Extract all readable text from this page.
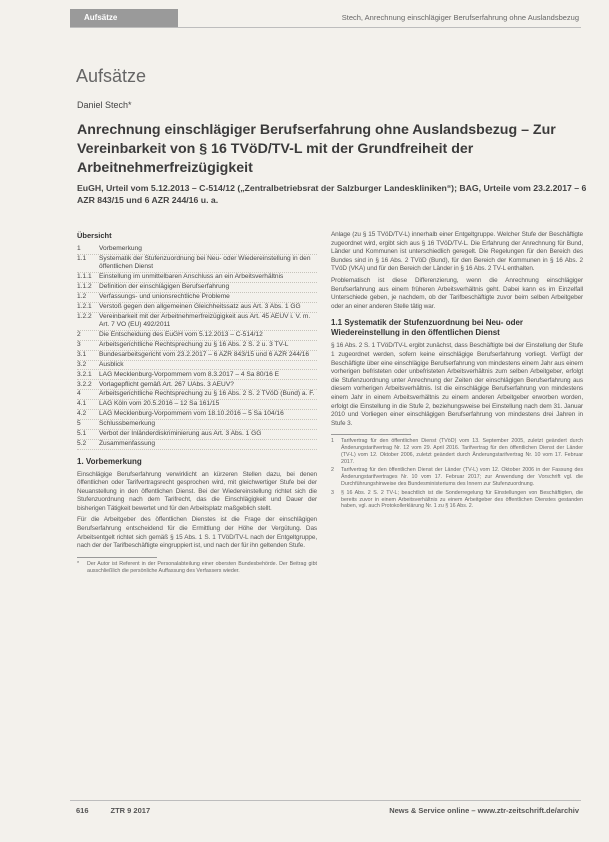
Aufsätze	Stech, Anrechnung einschlägiger Berufserfahrung ohne Auslandsbezug
Aufsätze
Daniel Stech*
Anrechnung einschlägiger Berufserfahrung ohne Auslandsbezug – Zur Vereinbarkeit von § 16 TVöD/TV-L mit der Grundfreiheit der Arbeitnehmerfreizügigkeit
EuGH, Urteil vom 5.12.2013 – C-514/12 („Zentralbetriebsrat der Salzburger Landeskliniken“); BAG, Urteile vom 23.2.2017 – 6 AZR 843/15 und 6 AZR 244/16 u. a.
Übersicht
1	Vorbemerkung
1.1	Systematik der Stufenzuordnung bei Neu- oder Wiedereinstellung in den öffentlichen Dienst
1.1.1	Einstellung im unmittelbaren Anschluss an ein Arbeitsverhältnis
1.1.2	Definition der einschlägigen Berufserfahrung
1.2	Verfassungs- und unionsrechtliche Probleme
1.2.1	Verstoß gegen den allgemeinen Gleichheitssatz aus Art. 3 Abs. 1 GG
1.2.2	Vereinbarkeit mit der Arbeitnehmerfreizügigkeit aus Art. 45 AEUV i. V. m. Art. 7 VO (EU) 492/2011
2	Die Entscheidung des EuGH vom 5.12.2013 – C-514/12
3	Arbeitsgerichtliche Rechtsprechung zu § 16 Abs. 2 S. 2 u. 3 TV-L
3.1	Bundesarbeitsgericht vom 23.2.2017 – 6 AZR 843/15 und 6 AZR 244/16
3.2	Ausblick
3.2.1	LAG Mecklenburg-Vorpommern vom 8.3.2017 – 4 Sa 80/16 E
3.2.2	Vorlagepflicht gemäß Art. 267 UAbs. 3 AEUV?
4	Arbeitsgerichtliche Rechtsprechung zu § 16 Abs. 2 S. 2 TVöD (Bund) a. F.
4.1	LAG Köln vom 20.5.2016 – 12 Sa 161/15
4.2	LAG Mecklenburg-Vorpommern vom 18.10.2016 – 5 Sa 104/16
5	Schlussbemerkung
5.1	Verbot der Inländerdiskriminierung aus Art. 3 Abs. 1 GG
5.2	Zusammenfassung
1. Vorbemerkung

Einschlägige Berufserfahrung verwirklicht an kürzeren Stellen dazu, bei denen öffentlichen oder Tarifvertragsrecht gesprochen wird, mit gleichwertiger Stufe bei der Neuanstellung in den öffentlichen Dienst. Bei der Wiedereinstellung richtet sich die Stufenzuordnung nach dem Tarifrecht, das die Einschlägigkeit und Dauer der bisherigen Tätigkeit bewertet und für den Arbeitsplatz maßgeblich stellt.

Für die Arbeitgeber des öffentlichen Dienstes ist die Frage der einschlägigen Berufserfahrung entscheidend für die Ermittlung der Höhe der Vergütung. Das Arbeitsentgelt richtet sich gemäß § 15 Abs. 1 S. 1 TVöD/TV-L nach der Entgeltgruppe, nach der der Tarifbeschäftigte eingruppiert ist, und nach der für ihn geltenden Stufe.

*	Der Autor ist Referent in der Personalabteilung einer obersten Bundesbehörde. Der Beitrag gibt ausschließlich die persönliche Auffassung des Verfassers wieder.

Anlage (zu § 15 TVöD/TV-L) innerhalb einer Entgeltgruppe. Welcher Stufe der Beschäftigte zugeordnet wird, ergibt sich aus § 16 TVöD/TV-L. Die Erfahrung der Anrechnung für Bund, Länder und Kommunen ist unterschiedlich geregelt. Die Regelungen für den Bereich des Bundes sind in § 16 Abs. 2 TVöD (Bund), für den Bereich der Kommunen in § 16 Abs. 2 TVöD (VKA) und für den Bereich der Länder in § 16 Abs. 2 TV-L enthalten.

Problematisch ist diese Differenzierung, wenn die Anrechnung einschlägiger Berufserfahrung aus einem früheren Arbeitsverhältnis geht. Dabei kann es im Einzelfall Unterschiede geben, je nachdem, ob der Tarifbeschäftigte zuvor beim selben Arbeitgeber oder an einer anderen Stelle tätig war.

1.1 Systematik der Stufenzuordnung bei Neu- oder Wiedereinstellung in den öffentlichen Dienst

§ 16 Abs. 2 S. 1 TVöD/TV-L ergibt zunächst, dass Beschäftigte bei der Einstellung der Stufe 1 zugeordnet werden, sofern keine einschlägige Berufserfahrung vorliegt. Verfügt der Beschäftigte über eine einschlägige Berufserfahrung von mindestens einem Jahr aus einem vorherigen befristeten oder unbefristeten Arbeitsverhältnis zum selben Arbeitgeber, erfolgt die Stufenzuordnung unter Anrechnung der Zeiten der einschlägigen Berufserfahrung aus diesem vorherigen Arbeitsverhältnis. Ist die einschlägige Berufserfahrung von mindestens einem Jahr in einem Arbeitsverhältnis zu einem anderen Arbeitgeber erworben worden, erfolgt die Einstellung in die Stufe 2, beziehungsweise bei Einstellung nach dem 31. Januar 2010 und Vorliegen einer einschlägigen Berufserfahrung von mindestens drei Jahren in Stufe 3.

1	Tarifvertrag für den öffentlichen Dienst (TVöD) vom 13. September 2005, zuletzt geändert durch Änderungstarifvertrag Nr. 12 vom 29. April 2016. Tarifvertrag für den öffentlichen Dienst der Länder (TV-L) vom 12. Oktober 2006, zuletzt geändert durch Änderungstarifvertrag Nr. 10 vom 17. Februar 2017.
2	Tarifvertrag für den öffentlichen Dienst der Länder (TV-L) vom 12. Oktober 2006 in der Fassung des Änderungstarifvertrages Nr. 10 vom 17. Februar 2017; zur Anwendung der Vorschrift vgl. die Durchführungshinweise des Bundesministeriums des Innern zur Stufenzuordnung.
3	§ 16 Abs. 2 S. 2 TV-L; beachtlich ist die Sonderregelung für Einstellungen von Beschäftigten, die bereits zuvor in einem Arbeitsverhältnis zu einem Arbeitgeber des öffentlichen Dienstes gestanden haben, vgl. auch Protokollerklärung Nr. 1 zu § 16 Abs. 2.
616	ZTR 9 2017	News & Service online – www.ztr-zeitschrift.de/archiv
